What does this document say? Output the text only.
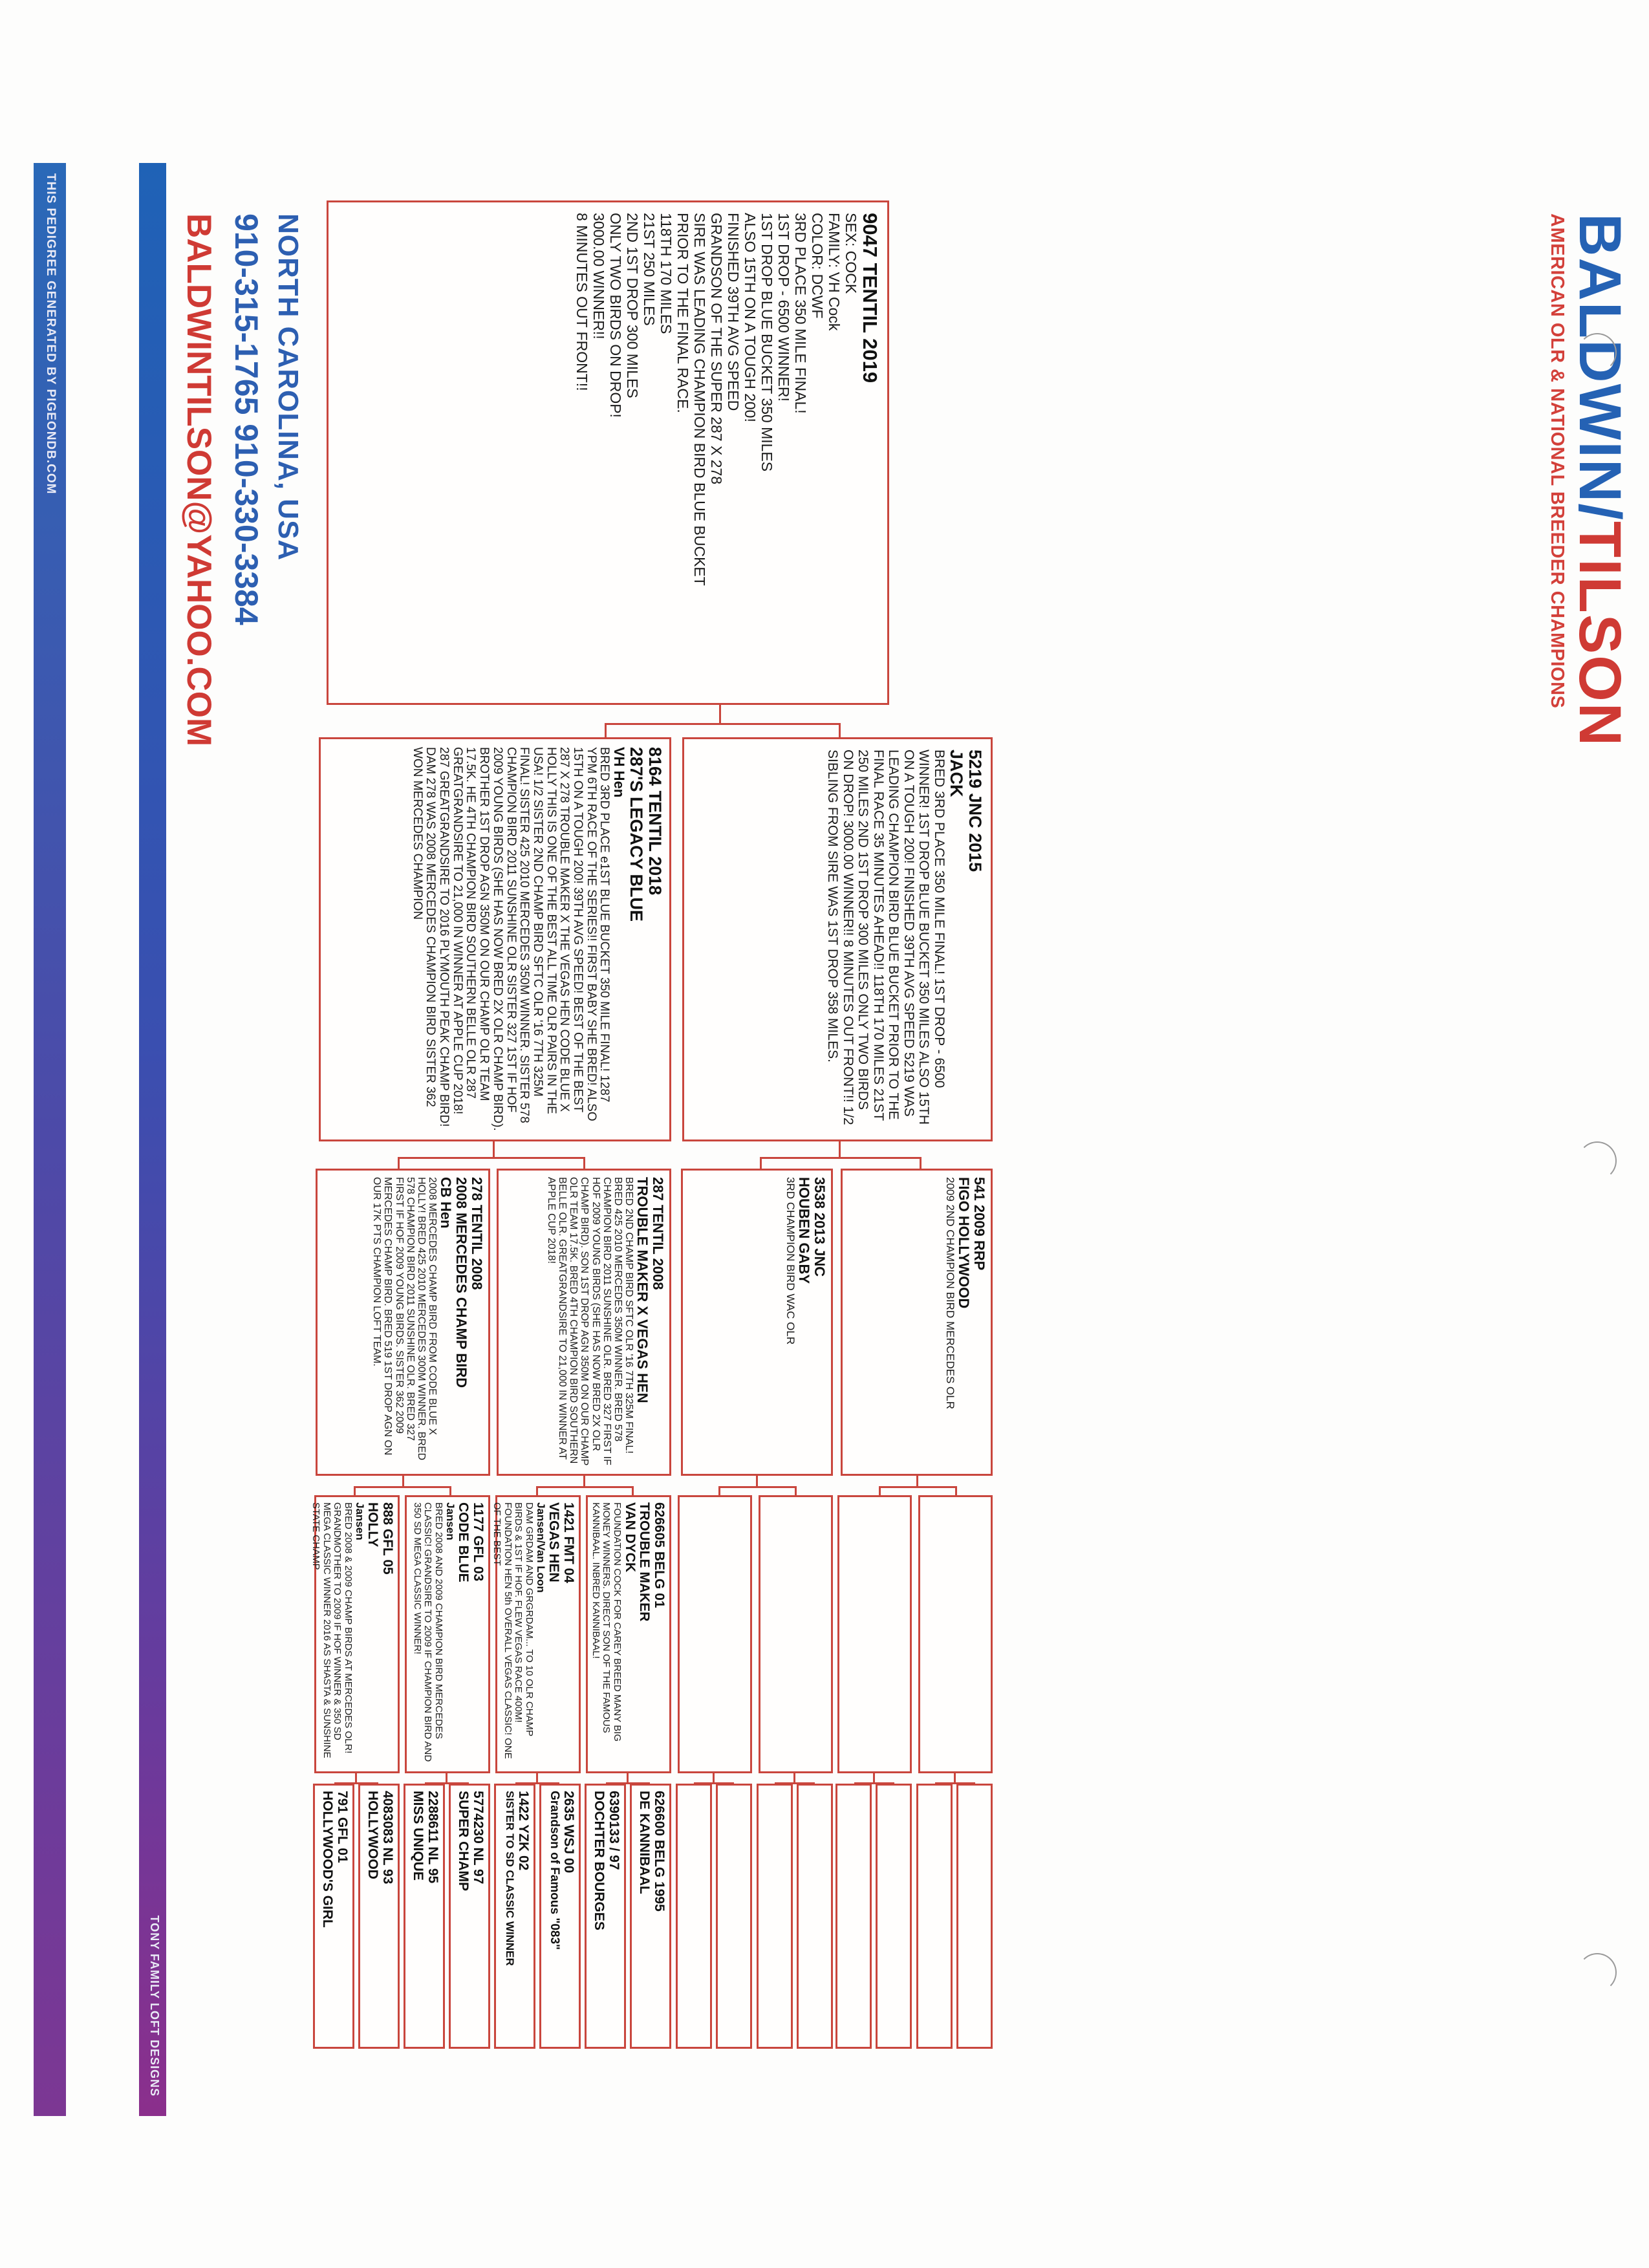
TONY FAMILY LOFT DESIGNS
THIS PEDIGREE GENERATED BY PIGEONDB.COM	BALDWIN/TILSON
AMERICAN OLR & NATIONAL BREEDER CHAMPIONS
NORTH CAROLINA, USA
910-315-1765 910-330-3384
BALDWINTILSON@YAHOO.COM	9047 TENTIL 2019
SEX: COCK
FAMILY: VH Cock
COLOR: DCWF
3RD PLACE 350 MILE FINAL!
1ST DROP - 6500 WINNER!
1ST DROP BLUE BUCKET 350 MILES
ALSO 15TH ON A TOUGH 200!
FINISHED 39TH AVG SPEED
GRANDSON OF THE SUPER 287 X 278
SIRE WAS LEADING CHAMPION BIRD BLUE BUCKET
PRIOR TO THE FINAL RACE.
118TH 170 MILES
21ST 250 MILES
2ND 1ST DROP 300 MILES
ONLY TWO BIRDS ON DROP!
3000.00 WINNER!!
8 MINUTES OUT FRONT!!
5219 JNC 2015
JACK
BRED 3RD PLACE 350 MILE FINAL! 1ST DROP - 6500 WINNER! 1ST DROP BLUE BUCKET 350 MILES ALSO 15TH ON A TOUGH 200! FINISHED 39TH AVG SPEED 5219 WAS LEADING CHAMPION BIRD BLUE BUCKET PRIOR TO THE FINAL RACE 35 MINUTES AHEAD!! 118TH 170 MILES 21ST 250 MILES 2ND 1ST DROP 300 MILES ONLY TWO BIRDS ON DROP! 3000.00 WINNER!! 8 MINUTES OUT FRONT!! 1/2 SIBLING FROM SIRE WAS 1ST DROP 358 MILES.
8164 TENTIL 2018
287'S LEGACY BLUE
VH Hen
BRED 3RD PLACE e1ST BLUE BUCKET 350 MILE FINAL! 1287 YPM 6TH RACE OF THE SERIES!! FIRST BABY SHE BRED! ALSO 15TH ON A TOUGH 200! 39TH AVG SPEED! BEST OF THE BEST 287 X 278 TROUBLE MAKER X THE VEGAS HEN CODE BLUE X HOLLY THIS IS ONE OF THE BEST ALL TIME OLR PAIRS IN THE USA! 1/2 SISTER 2ND CHAMP BIRD SFTC OLR '16 7TH 325M FINAL! SISTER 425 2010 MERCEDES 350M WINNER. SISTER 578 CHAMPION BIRD 2011 SUNSHINE OLR SISTER 327 1ST IF HOF 2009 YOUNG BIRDS (SHE HAS NOW BRED 2X OLR CHAMP BIRD). BROTHER 1ST DROP AGN 350M ON OUR CHAMP OLR TEAM 17.5K. HE 4TH CHAMPION BIRD SOUTHERN BELLE OLR 287 GREATGRANDSIRE TO 21,000 IN WINNER AT APPLE CUP 2018! 287 GREATGRANDSIRE TO 2016 PLYMOUTH PEAK CHAMP BIRD! DAM 278 WAS 2008 MERCEDES CHAMPION BIRD SISTER 362 WON MERCEDES CHAMPION
541 2009 RRP
FIGO HOLLYWOOD
2009 2ND CHAMPION BIRD MERCEDES OLR
3538 2013 JNC
HOUBEN GABY
3RD CHAMPION BIRD WAC OLR
287 TENTIL 2008
TROUBLE MAKER X VEGAS HEN
BRED 2ND CHAMP BIRD SFTC OLR '16 7TH 325M FINAL! BRED 425 2010 MERCEDES 350M WINNER. BRED 578 CHAMPION BIRD 2011 SUNSHINE OLR. BRED 327 FIRST IF HOF 2009 YOUNG BIRDS (SHE HAS NOW BRED 2X OLR CHAMP BIRD). SON 1ST DROP AGN 350M ON OUR CHAMP OLR TEAM 17.5K. BRED 4TH CHAMPION BIRD SOUTHERN BELLE OLR. GREATGRANDSIRE TO 21,000 IN WINNER AT APPLE CUP 2018!
278 TENTIL 2008
2008 MERCEDES CHAMP BIRD
CB Hen
2008 MERCEDES CHAMP BIRD FROM CODE BLUE X HOLLY! BRED 425 2010 MERCEDES 300M WINNER. BRED 578 CHAMPION BIRD 2011 SUNSHINE OLR. BRED 327 FIRST IF HOF 2009 YOUNG BIRDS. SISTER 362 2009 MERCEDES CHAMP BIRD. BRED 519 1ST DROP AGN ON OUR 17K PTS CHAMPION LOFT TEAM.
626605 BELG 01
TROUBLE MAKER
VAN DYCK
FOUNDATION COCK FOR CAREY BREED MANY BIG MONEY WINNERS. DIRECT SON OF THE FAMOUS KANNIBAAL. INBRED KANNIBAAL!
1421 FMT 04
VEGAS HEN
Jansen/Van Loon
DAM GRDAM AND GRGRDAM... TO 10 OLR CHAMP BIRDS & 1ST IF HOF. FLEW VEGAS RACE 400M! FOUNDATION HEN 5th OVERALL VEGAS CLASSIC! ONE OF THE BEST
1177 GFL 03
CODE BLUE
Jansen
BRED 2008 AND 2009 CHAMPION BIRD MERCEDES CLASSIC! GRANDSIRE TO 2009 IF CHAMPION BIRD AND 350 SD MEGA CLASSIC WINNER!
888 GFL 05
HOLLY
Jansen
BRED 2008 & 2009 CHAMP BIRDS AT MERCEDES OLR! GRANDMOTHER TO 2009 IF HOF WINNER & 350 SD MEGA CLASSIC WINNER 2016 AS SHASTA & SUNSHINE STATE CHAMP
626600 BELG 1995
DE KANNIBAAL
6390133 / 97
DOCHTER BOURGES
2635 WSJ 00
Grandson of Famous "083"
1422 YZK 02
SISTER TO SD CLASSIC WINNER
5774230 NL 97
SUPER CHAMP
2288611 NL 95
MISS UNIQUE
4083083 NL 93
HOLLYWOOD
791 GFL 01
HOLLYWOOD'S GIRL
